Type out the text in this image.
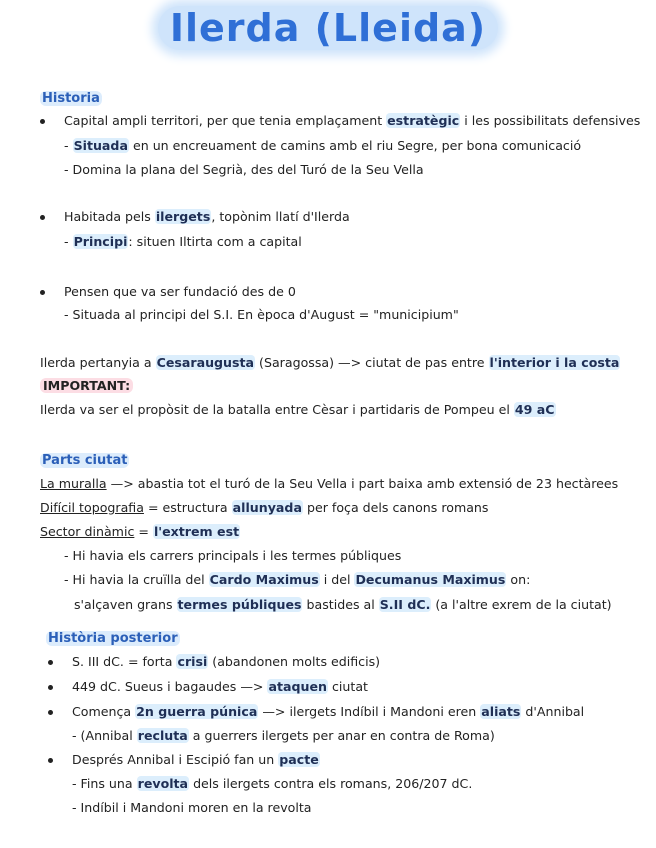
Ilerda (Lleida)
Historia
Capital ampli territori, per que tenia emplaçament estratègic i les possibilitats defensives
- Situada en un encreuament de camins amb el riu Segre, per bona comunicació
- Domina la plana del Segrià, des del Turó de la Seu Vella
Habitada pels ilergets, topònim llatí d'Ilerda
- Principi: situen Iltirta com a capital
Pensen que va ser fundació des de 0
- Situada al principi del S.I. En època d'August = "municipium"
Ilerda pertanyia a Cesaraugusta (Saragossa) —> ciutat de pas entre l'interior i la costa
IMPORTANT:
Ilerda va ser el propòsit de la batalla entre Cèsar i partidaris de Pompeu el 49 aC
Parts ciutat
La muralla —> abastia tot el turó de la Seu Vella i part baixa amb extensió de 23 hectàrees
Difícil topografia = estructura allunyada per foça dels canons romans
Sector dinàmic = l'extrem est
- Hi havia els carrers principals i les termes públiques
- Hi havia la cruïlla del Cardo Maximus i del Decumanus Maximus on:
s'alçaven grans termes públiques bastides al S.II dC. (a l'altre exrem de la ciutat)
Història posterior
S. III dC. = forta crisi (abandonen molts edificis)
449 dC. Sueus i bagaudes —> ataquen ciutat
Comença 2n guerra púnica —> ilergets Indíbil i Mandoni eren aliats d'Annibal
- (Annibal recluta a guerrers ilergets per anar en contra de Roma)
Després Annibal i Escipió fan un pacte
- Fins una revolta dels ilergets contra els romans, 206/207 dC.
- Indíbil i Mandoni moren en la revolta
